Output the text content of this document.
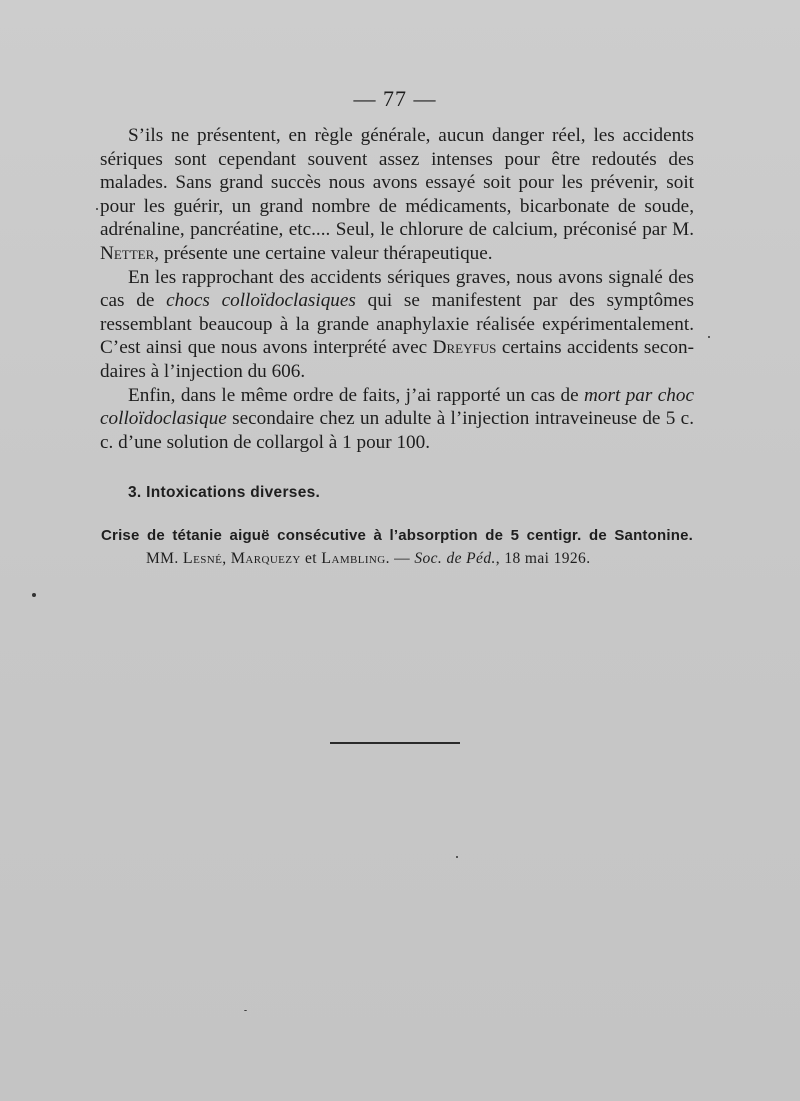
— 77 —

S’ils ne présentent, en règle générale, aucun danger réel, les accidents sériques sont cependant souvent assez intenses pour être redoutés des malades. Sans grand succès nous avons essayé soit pour les prévenir, soit pour les guérir, un grand nombre de médicaments, bicarbonate de soude, adrénaline, pancréatine, etc.... Seul, le chlorure de calcium, préconisé par M. Netter, présente une certaine valeur thérapeutique.

En les rapprochant des accidents sériques graves, nous avons signalé des cas de chocs colloïdoclasiques qui se manifestent par des symptômes ressemblant beaucoup à la grande anaphylaxie réalisée expérimentalement. C’est ainsi que nous avons interprété avec Dreyfus certains accidents secondaires à l’injection du 606.

Enfin, dans le même ordre de faits, j’ai rapporté un cas de mort par choc colloïdoclasique secondaire chez un adulte à l’injection intraveineuse de 5 c. c. d’une solution de collargol à 1 pour 100.

3. Intoxications diverses.
Crise de tétanie aiguë consécutive à l’absorption de 5 centigr. de Santonine.
MM. Lesné, Marquezy et Lambling. — Soc. de Péd., 18 mai 1926.
